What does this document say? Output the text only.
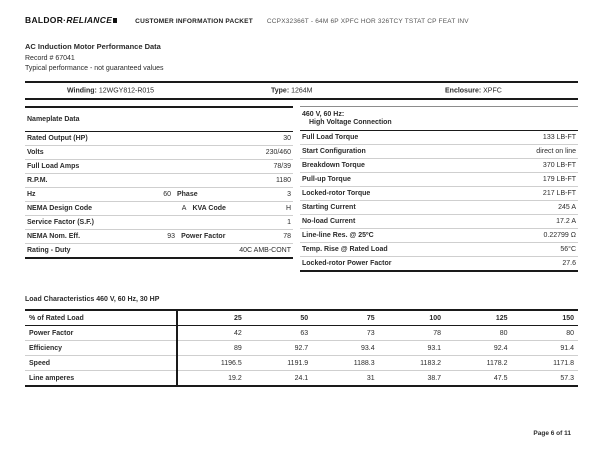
BALDOR·RELIANCE	CUSTOMER INFORMATION PACKET CCPX32366T - 64M 6P XPFC HOR 326TCY TSTAT CP FEAT INV
AC Induction Motor Performance Data
Record # 67041
Typical performance - not guaranteed values
Winding: 12WGY812-R015	Type: 1264M	Enclosure: XPFC
Nameplate Data
Rated Output (HP)	30
Volts	230/460
Full Load Amps	78/39
R.P.M.	1180
Hz	60 Phase	3
NEMA Design Code	A KVA Code	H
Service Factor (S.F.)	1
NEMA Nom. Eff.	93 Power Factor	78
Rating - Duty	40C AMB-CONT
460 V, 60 Hz:
High Voltage Connection
Full Load Torque	133 LB-FT
Start Configuration	direct on line
Breakdown Torque	370 LB-FT
Pull-up Torque	179 LB-FT
Locked-rotor Torque	217 LB-FT
Starting Current	245 A
No-load Current	17.2 A
Line-line Res. @ 25ºC	0.22799 Ω
Temp. Rise @ Rated Load	56°C
Locked-rotor Power Factor	27.6
Load Characteristics 460 V, 60 Hz, 30 HP
% of Rated Load	25	50	75	100	125	150
Power Factor	42	63	73	78	80	80
Efficiency	89	92.7	93.4	93.1	92.4	91.4
Speed	1196.5	1191.9	1188.3	1183.2	1178.2	1171.8
Line amperes	19.2	24.1	31	38.7	47.5	57.3
Page 6 of 11
